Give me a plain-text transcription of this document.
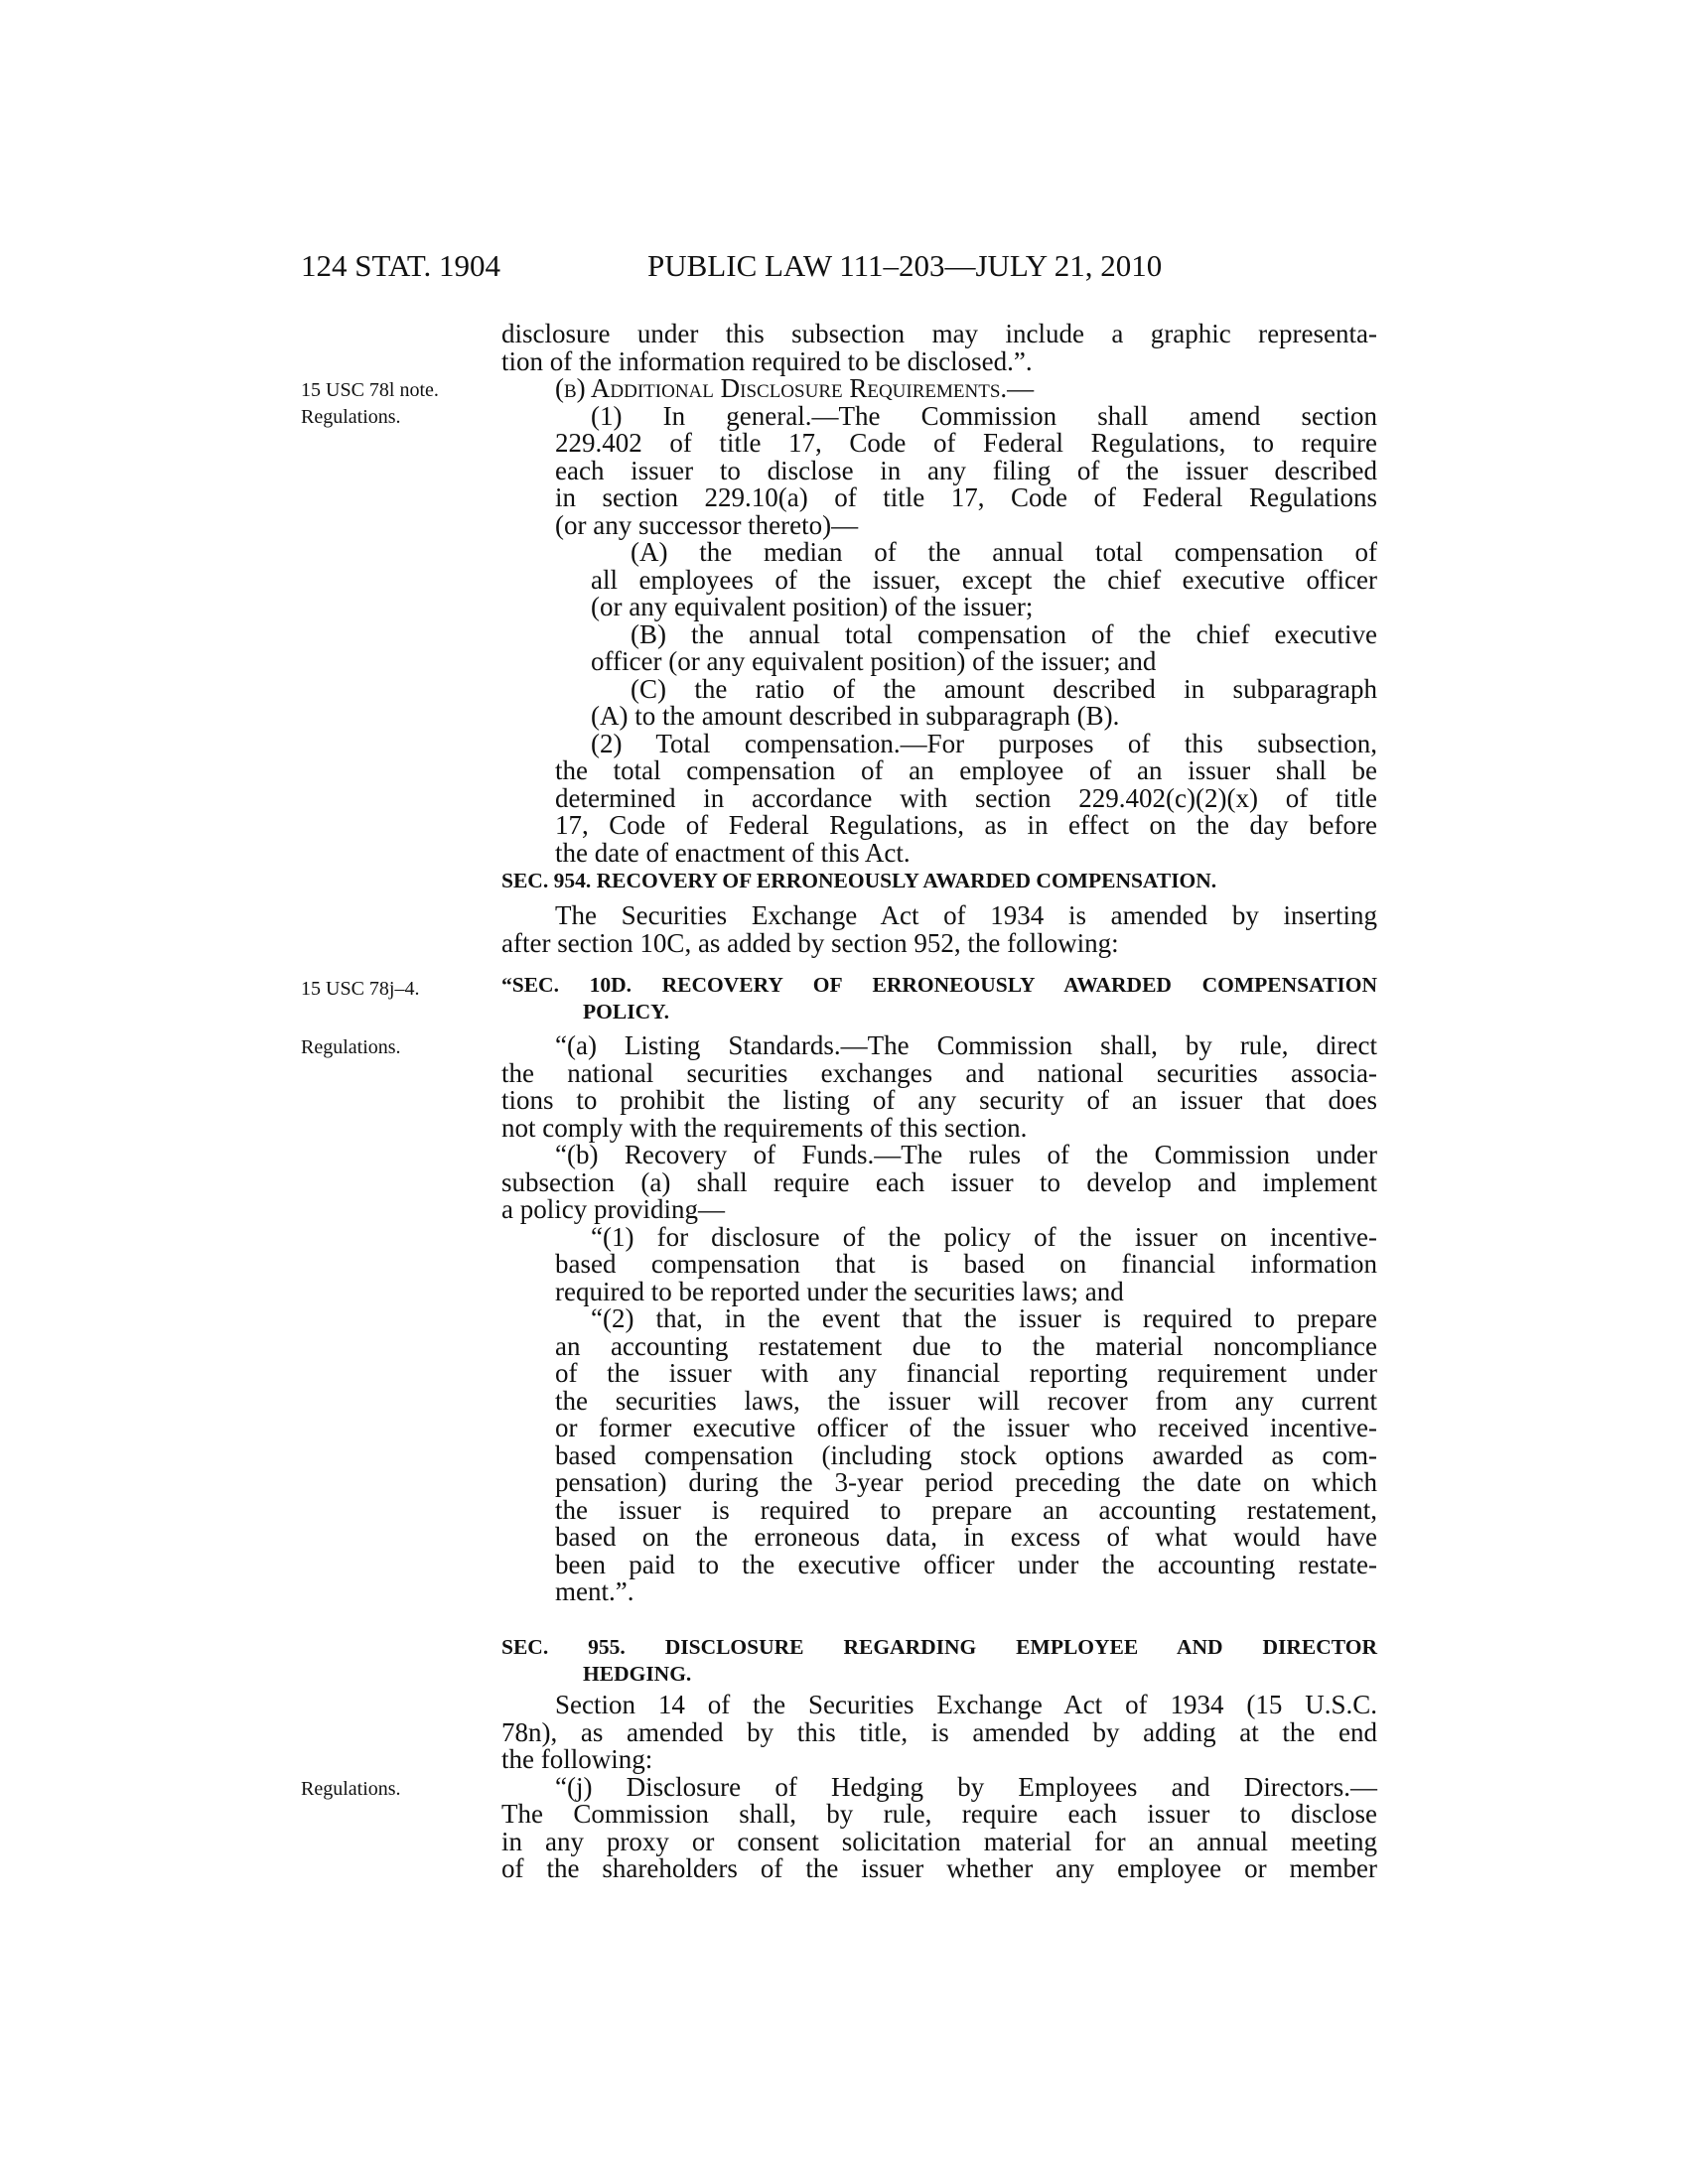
124 STAT. 1904	PUBLIC LAW 111–203—JULY 21, 2010
15 USC 78l note.
Regulations.
15 USC 78j–4.
Regulations.
Regulations.
disclosure under this subsection may include a graphic representa-
tion of the information required to be disclosed.”.
(b) Additional Disclosure Requirements.—
(1) In general.—The Commission shall amend section
229.402 of title 17, Code of Federal Regulations, to require
each issuer to disclose in any filing of the issuer described
in section 229.10(a) of title 17, Code of Federal Regulations
(or any successor thereto)—
(A) the median of the annual total compensation of
all employees of the issuer, except the chief executive officer
(or any equivalent position) of the issuer;
(B) the annual total compensation of the chief executive
officer (or any equivalent position) of the issuer; and
(C) the ratio of the amount described in subparagraph
(A) to the amount described in subparagraph (B).
(2) Total compensation.—For purposes of this subsection,
the total compensation of an employee of an issuer shall be
determined in accordance with section 229.402(c)(2)(x) of title
17, Code of Federal Regulations, as in effect on the day before
the date of enactment of this Act.
SEC. 954. RECOVERY OF ERRONEOUSLY AWARDED COMPENSATION.
The Securities Exchange Act of 1934 is amended by inserting
after section 10C, as added by section 952, the following:
“SEC. 10D. RECOVERY OF ERRONEOUSLY AWARDED COMPENSATION
POLICY.
“(a) Listing Standards.—The Commission shall, by rule, direct
the national securities exchanges and national securities associa-
tions to prohibit the listing of any security of an issuer that does
not comply with the requirements of this section.
“(b) Recovery of Funds.—The rules of the Commission under
subsection (a) shall require each issuer to develop and implement
a policy providing—
“(1) for disclosure of the policy of the issuer on incentive-
based compensation that is based on financial information
required to be reported under the securities laws; and
“(2) that, in the event that the issuer is required to prepare
an accounting restatement due to the material noncompliance
of the issuer with any financial reporting requirement under
the securities laws, the issuer will recover from any current
or former executive officer of the issuer who received incentive-
based compensation (including stock options awarded as com-
pensation) during the 3-year period preceding the date on which
the issuer is required to prepare an accounting restatement,
based on the erroneous data, in excess of what would have
been paid to the executive officer under the accounting restate-
ment.”.
SEC. 955. DISCLOSURE REGARDING EMPLOYEE AND DIRECTOR
HEDGING.
Section 14 of the Securities Exchange Act of 1934 (15 U.S.C.
78n), as amended by this title, is amended by adding at the end
the following:
“(j) Disclosure of Hedging by Employees and Directors.—
The Commission shall, by rule, require each issuer to disclose
in any proxy or consent solicitation material for an annual meeting
of the shareholders of the issuer whether any employee or member
